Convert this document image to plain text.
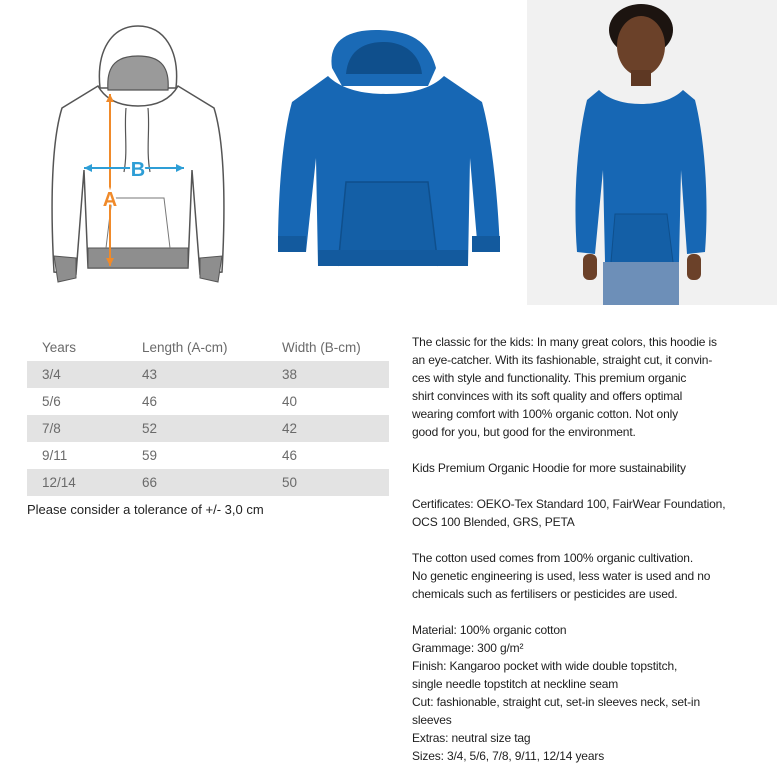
A
B
Years	Length (A-cm)	Width (B-cm)
3/4	43	38
5/6	46	40
7/8	52	42
9/11	59	46
12/14	66	50
Please consider a tolerance of +/- 3,0 cm

The classic for the kids: In many great colors, this hoodie is
an eye-catcher. With its fashionable, straight cut, it convin-
ces with style and functionality. This premium organic
shirt convinces with its soft quality and offers optimal
wearing comfort with 100% organic cotton. Not only
good for you, but good for the environment.

Kids Premium Organic Hoodie for more sustainability

Certificates: OEKO-Tex Standard 100, FairWear Foundation,
OCS 100 Blended, GRS, PETA

The cotton used comes from 100% organic cultivation.
No genetic engineering is used, less water is used and no
chemicals such as fertilisers or pesticides are used.

Material: 100% organic cotton
Grammage: 300 g/m²
Finish: Kangaroo pocket with wide double topstitch,
single needle topstitch at neckline seam
Cut: fashionable, straight cut, set-in sleeves neck, set-in
sleeves
Extras: neutral size tag
Sizes: 3/4, 5/6, 7/8, 9/11, 12/14 years
